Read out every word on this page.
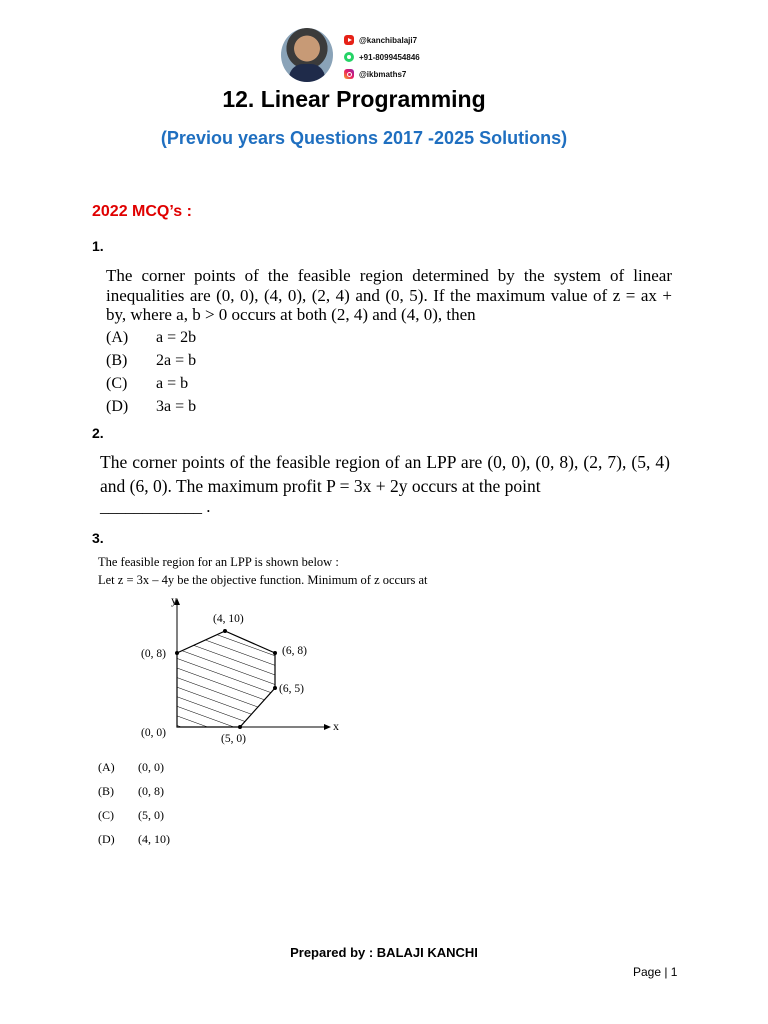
@kanchibalaji7
+91-8099454846
@ikbmaths7
12. Linear Programming
(Previou years Questions 2017 -2025 Solutions)
2022 MCQ’s :
1.
The corner points of the feasible region determined by the system of linear inequalities are (0, 0), (4, 0), (2, 4) and (0, 5). If the maximum value of z = ax + by, where a, b > 0 occurs at both (2, 4) and (4, 0), then
(A) a = 2b
(B) 2a = b
(C) a = b
(D) 3a = b
2.
The corner points of the feasible region of an LPP are (0, 0), (0, 8), (2, 7), (5, 4) and (6, 0). The maximum profit P = 3x + 2y occurs at the point
____________ .
3.
The feasible region for an LPP is shown below :
Let z = 3x – 4y be the objective function. Minimum of z occurs at
(0, 0)	(5, 0)
(6, 5)
(6, 8)
(4, 10)
(0, 8)
x
y
(A) (0, 0)
(B) (0, 8)
(C) (5, 0)
(D) (4, 10)
Prepared by : BALAJI KANCHI
Page | 1
